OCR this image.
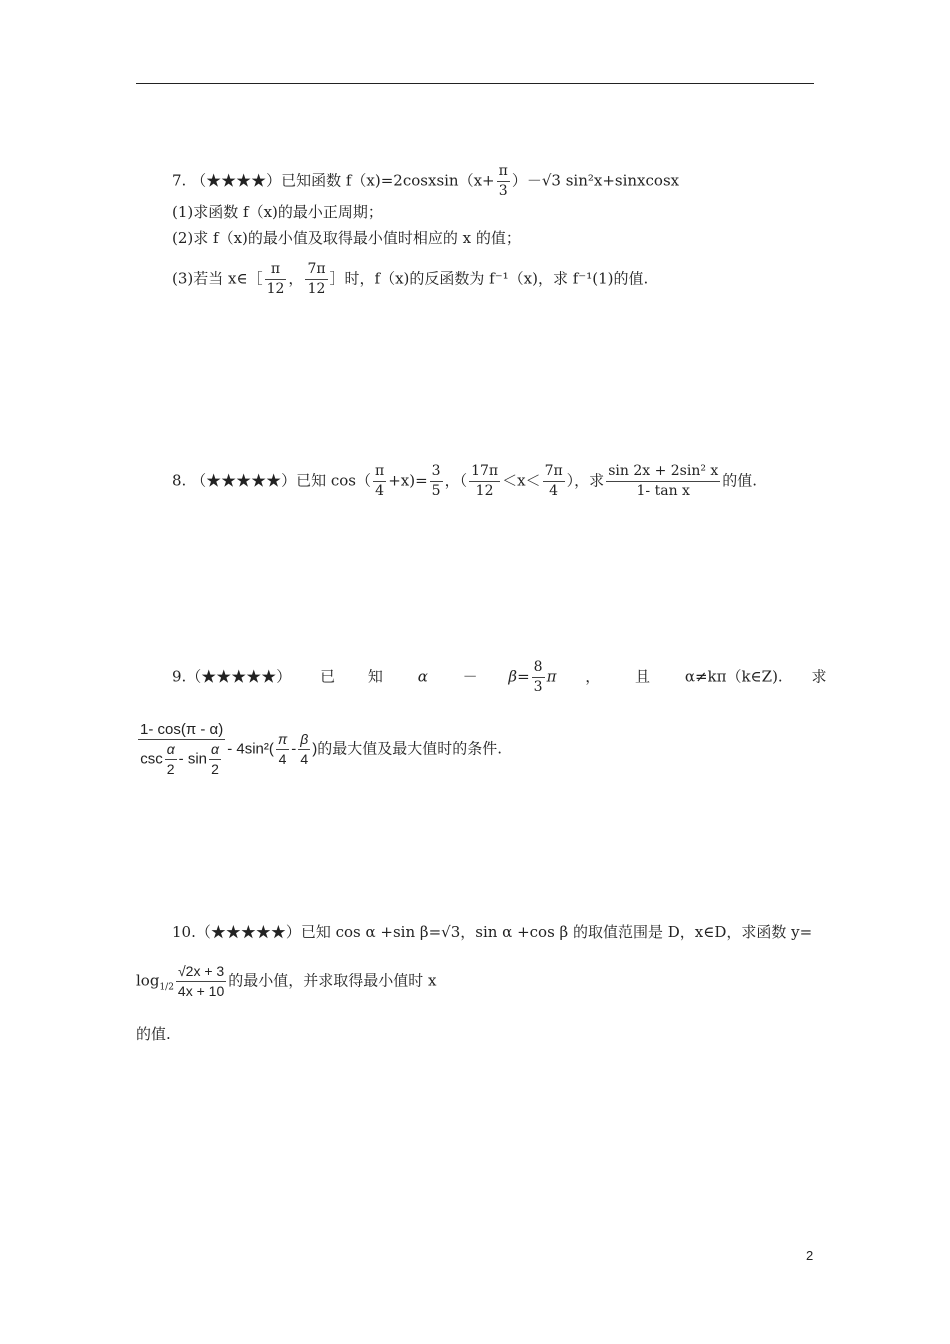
7. （★★★★）已知函数 f（x)=2cosxsin（x+ $\frac{\pi}{3} )-√3$ sin²x+sinxcosx
(1)求函数 f（x)的最小正周期；
(2)求 f（x)的最小值及取得最小值时相应的 x 的值；
(3)若当 x∈［ $\frac{\pi}{12}$ ， $\frac{7\pi}{12}$ ］时，f（x)的反函数为 f⁻¹（x)，求 f⁻¹(1)的值.
8. （★★★★★）已知 $\cos( \frac{\pi}{4} +x)= \frac{3}{5}$ ，（ $\frac{17\pi}{12} <x< \frac{7\pi}{4}$ ），求 $\frac{\text{sin 2x + 2sin² x}}{\text{1- tan x}}$ 的值.
9.（★★★★★） 已 知 $\alpha - \beta= \frac{8}{3}$ π ， 且 α≠kπ（k∈Z). 求
$\frac{1- \cos(\pi - \alpha)}{\csc \frac{\alpha}{2} - \sin \frac{\alpha}{2}} - 4\sin^2( \frac{\pi}{4} - \frac{\beta}{4}$ )的最大值及最大值时的条件.
10.（★★★★★）已知 cos α +sin β=√3，sin α +cos β 的取值范围是 D，x∈D，求函数 y=
$\log_{1/2} \frac{√2x + 3}{4x + 10}$ 的最小值，并求取得最小值时 x
的值.
2
